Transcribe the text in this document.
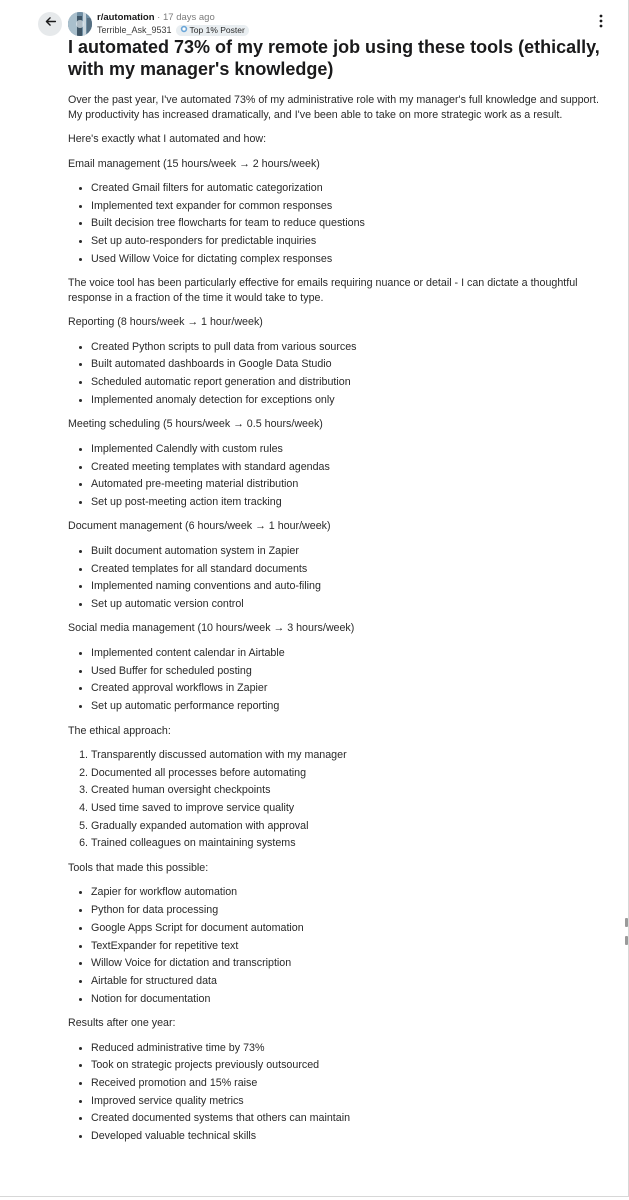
r/automation · 17 days ago
Terrible_Ask_9531 Top 1% Poster
I automated 73% of my remote job using these tools (ethically, with my manager's knowledge)

Over the past year, I've automated 73% of my administrative role with my manager's full knowledge and support. My productivity has increased dramatically, and I've been able to take on more strategic work as a result.

Here's exactly what I automated and how:

Email management (15 hours/week → 2 hours/week)

• Created Gmail filters for automatic categorization
• Implemented text expander for common responses
• Built decision tree flowcharts for team to reduce questions
• Set up auto-responders for predictable inquiries
• Used Willow Voice for dictating complex responses

The voice tool has been particularly effective for emails requiring nuance or detail - I can dictate a thoughtful response in a fraction of the time it would take to type.

Reporting (8 hours/week → 1 hour/week)

• Created Python scripts to pull data from various sources
• Built automated dashboards in Google Data Studio
• Scheduled automatic report generation and distribution
• Implemented anomaly detection for exceptions only

Meeting scheduling (5 hours/week → 0.5 hours/week)

• Implemented Calendly with custom rules
• Created meeting templates with standard agendas
• Automated pre-meeting material distribution
• Set up post-meeting action item tracking

Document management (6 hours/week → 1 hour/week)

• Built document automation system in Zapier
• Created templates for all standard documents
• Implemented naming conventions and auto-filing
• Set up automatic version control

Social media management (10 hours/week → 3 hours/week)

• Implemented content calendar in Airtable
• Used Buffer for scheduled posting
• Created approval workflows in Zapier
• Set up automatic performance reporting

The ethical approach:

1. Transparently discussed automation with my manager
2. Documented all processes before automating
3. Created human oversight checkpoints
4. Used time saved to improve service quality
5. Gradually expanded automation with approval
6. Trained colleagues on maintaining systems

Tools that made this possible:

• Zapier for workflow automation
• Python for data processing
• Google Apps Script for document automation
• TextExpander for repetitive text
• Willow Voice for dictation and transcription
• Airtable for structured data
• Notion for documentation

Results after one year:

• Reduced administrative time by 73%
• Took on strategic projects previously outsourced
• Received promotion and 15% raise
• Improved service quality metrics
• Created documented systems that others can maintain
• Developed valuable technical skills
